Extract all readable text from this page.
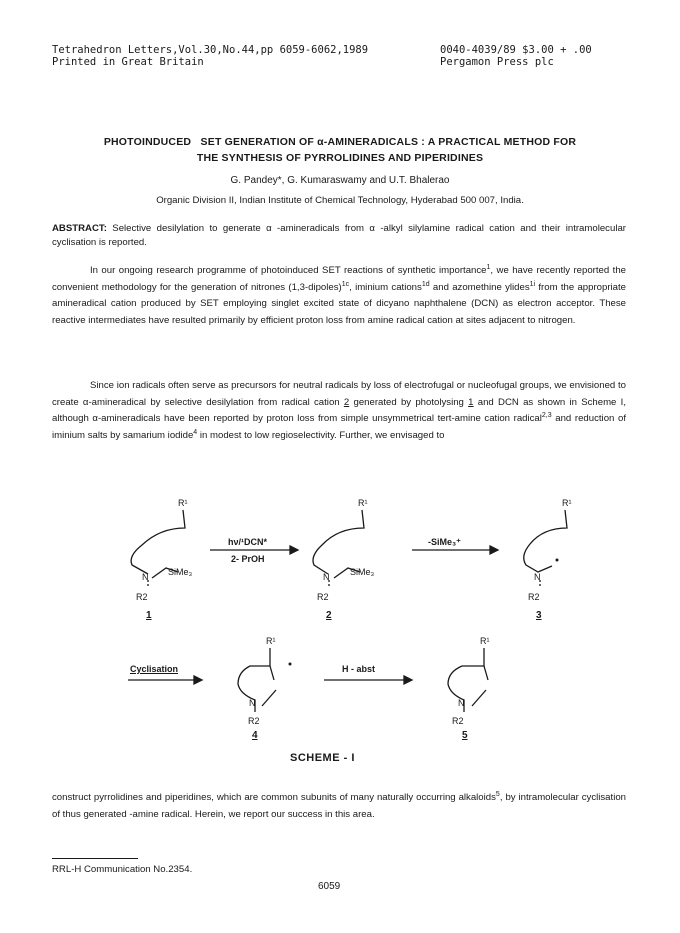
Tetrahedron Letters,Vol.30,No.44,pp 6059-6062,1989
Printed in Great Britain
0040-4039/89 $3.00 + .00
Pergamon Press plc
PHOTOINDUCED   SET GENERATION OF α-AMINERADICALS : A PRACTICAL METHOD FOR
THE SYNTHESIS OF PYRROLIDINES AND PIPERIDINES
G. Pandey*, G. Kumaraswamy and U.T. Bhalerao
Organic Division II, Indian Institute of Chemical Technology, Hyderabad 500 007, India.
ABSTRACT: Selective desilylation to generate α -amineradicals from α -alkyl silylamine radical cation and their intramolecular cyclisation is reported.
In our ongoing research programme of photoinduced SET reactions of synthetic importance$^1$, we have recently reported the convenient methodology for the generation of nitrones (1,3-dipoles)$^{1c}$, iminium cations$^{1d}$ and azomethine ylides$^{1i}$ from the appropriate amineradical cation produced by SET employing singlet excited state of dicyano naphthalene (DCN) as electron acceptor. These reactive intermediates have resulted primarily by efficient proton loss from amine radical cation at sites adjacent to nitrogen.
Since ion radicals often serve as precursors for neutral radicals by loss of electrofugal or nucleofugal groups, we envisioned to create α-amineradical by selective desilylation from radical cation 2 generated by photolysing 1 and DCN as shown in Scheme I, although α-amineradicals have been reported by proton loss from simple unsymmetrical tert-amine cation radical$^{2,3}$ and reduction of iminium salts by samarium iodide$^4$ in modest to low regioselectivity. Further, we envisaged to
R¹
N SiMe₃
R2
1
hν/¹DCN*
2- PrOH
R¹
N SiMe₃
R2
2
-SiMe₃⁺
R¹
N
R2
3
Cyclisation
R¹
N
R2
4
H - abst
R¹
N
R2
5
SCHEME - I
construct pyrrolidines and piperidines, which are common subunits of many naturally occurring alkaloids$^5$, by intramolecular cyclisation of thus generated -amine radical. Herein, we report our success in this area.
RRL-H Communication No.2354.
6059
